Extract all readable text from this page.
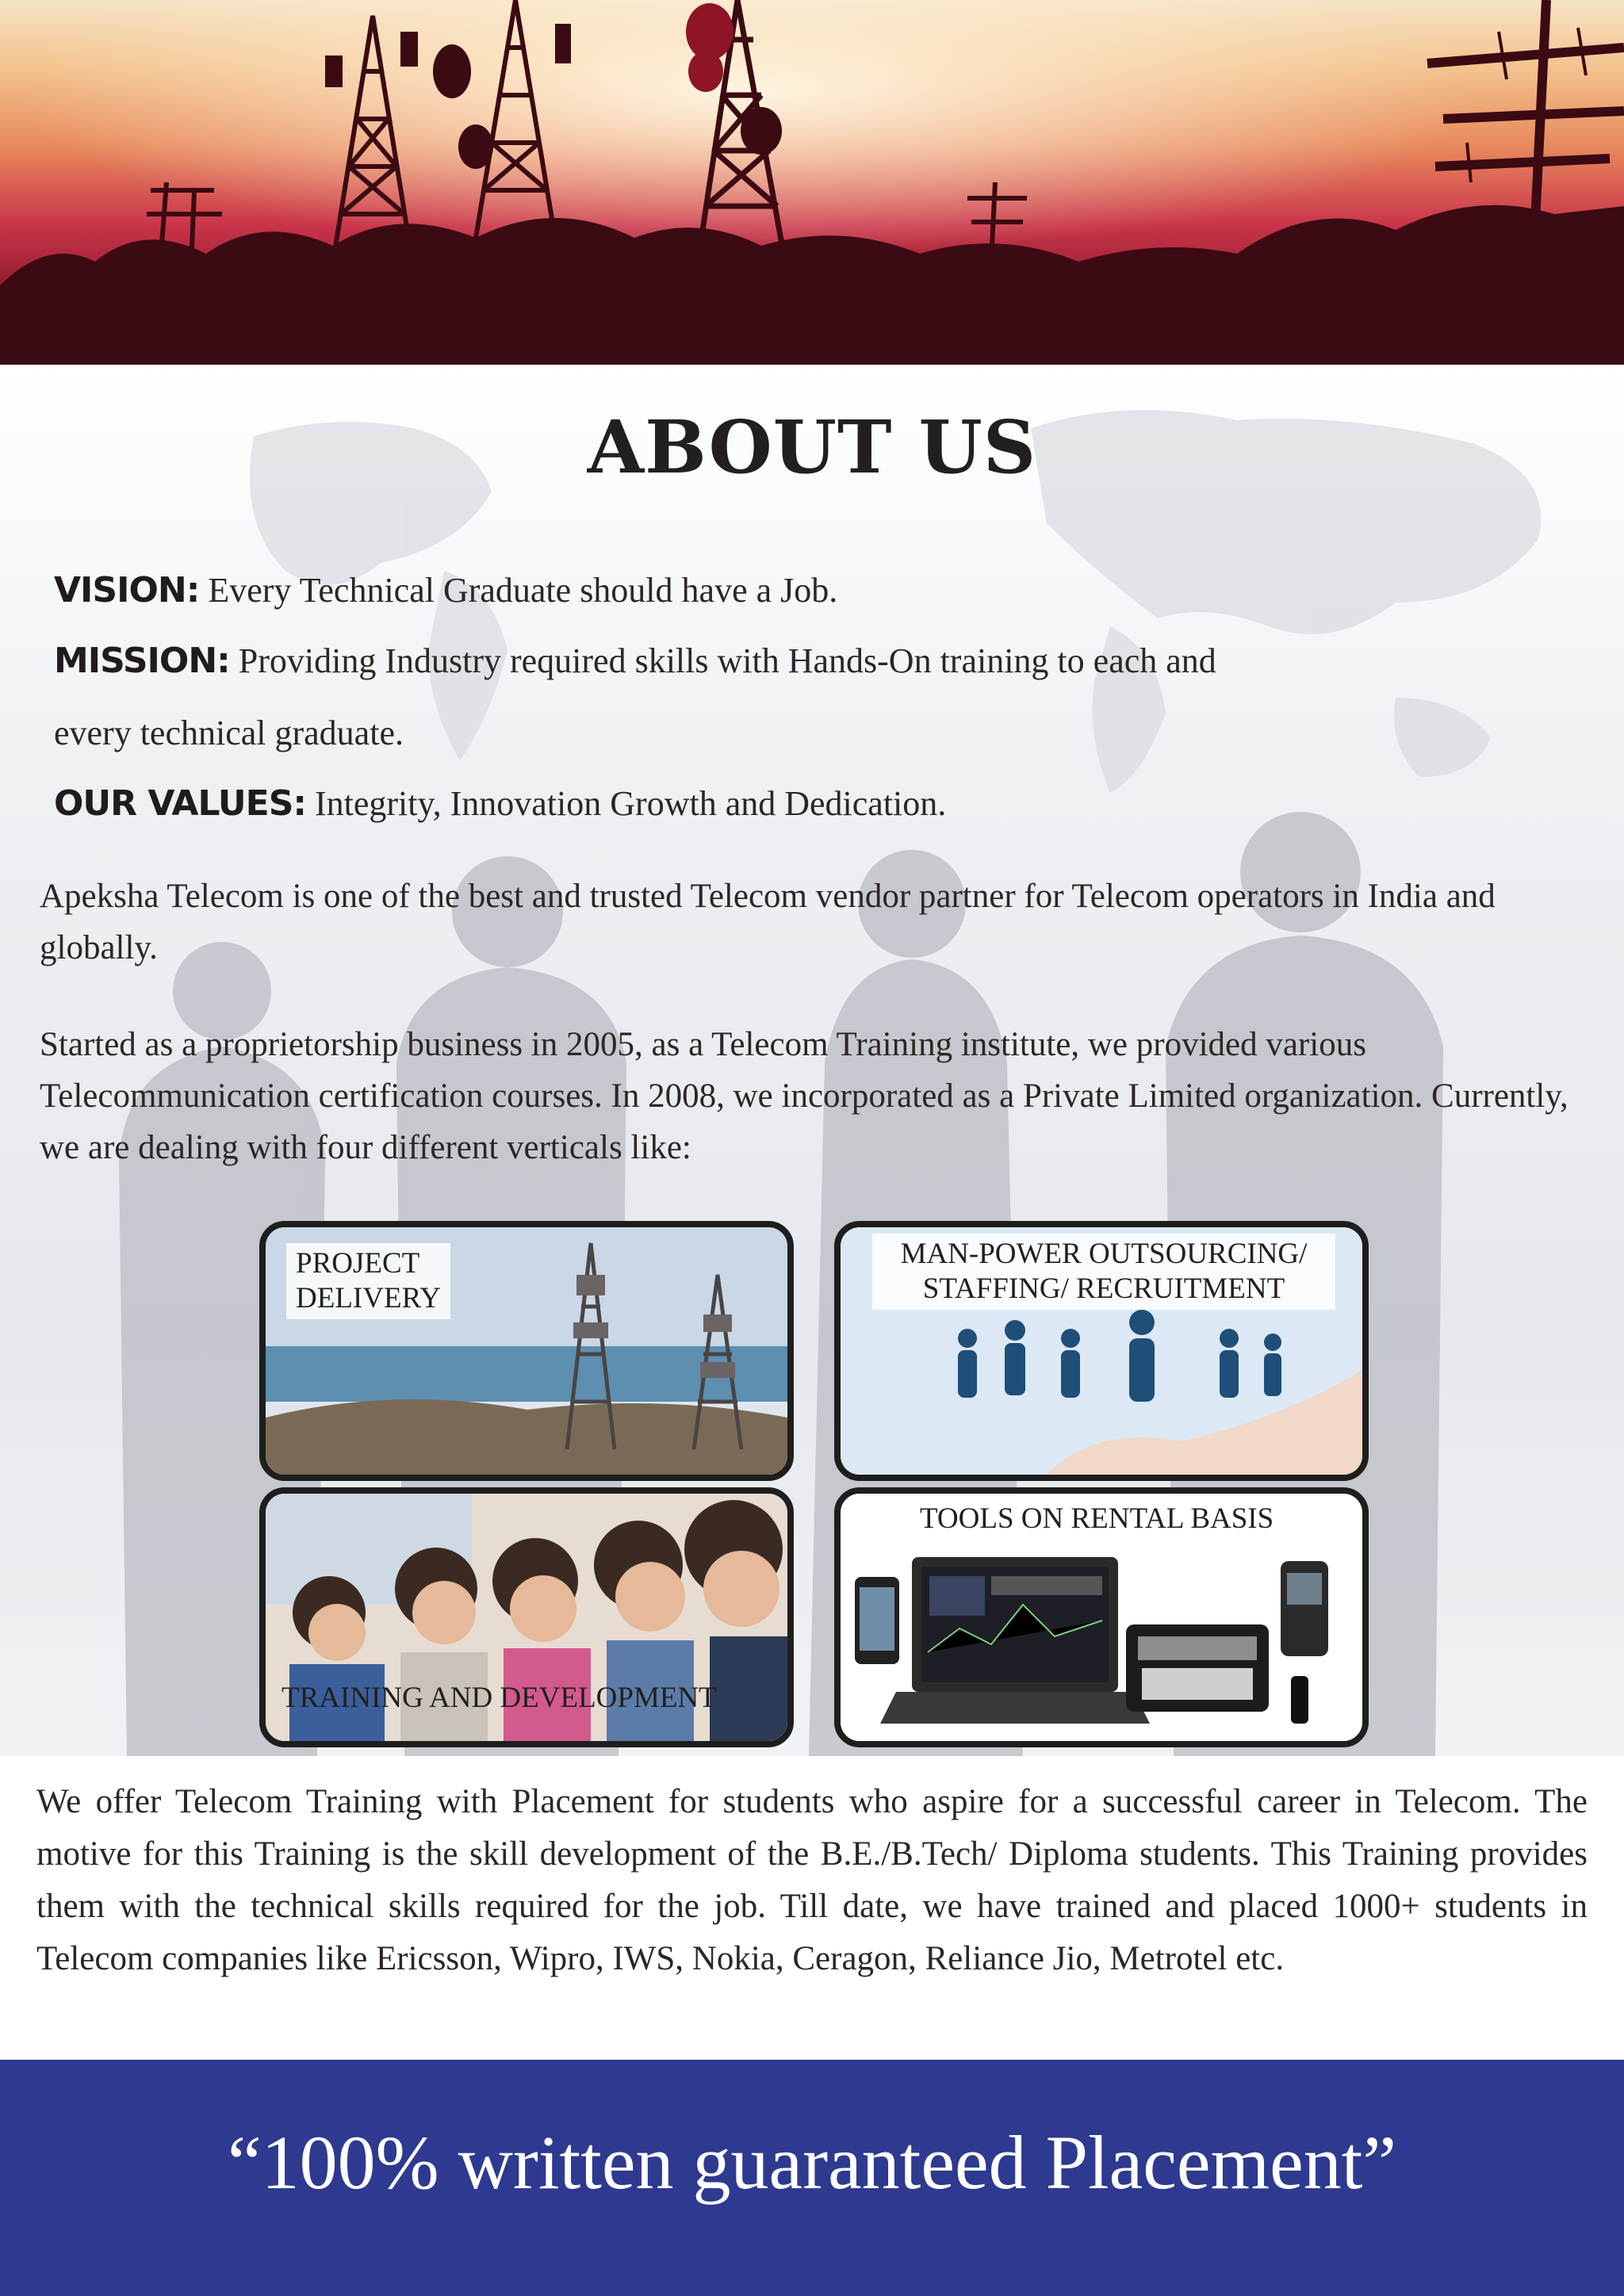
ABOUT US
VISION: Every Technical Graduate should have a Job.
MISSION: Providing Industry required skills with Hands-On training to each and
every technical graduate.
OUR VALUES: Integrity, Innovation Growth and Dedication.
Apeksha Telecom is one of the best and trusted Telecom vendor partner for Telecom operators in India and globally.
Started as a proprietorship business in 2005, as a Telecom Training institute, we provided various Telecommunication certification courses. In 2008, we incorporated as a Private Limited organization. Currently, we are dealing with four different verticals like:
PROJECT
DELIVERY
MAN-POWER OUTSOURCING/
STAFFING/ RECRUITMENT
TRAINING AND DEVELOPMENT
TOOLS ON RENTAL BASIS
We offer Telecom Training with Placement for students who aspire for a successful career in Telecom. The motive for this Training is the skill development of the B.E./B.Tech/ Diploma students. This Training provides them with the technical skills required for the job. Till date, we have trained and placed 1000+ students in Telecom companies like Ericsson, Wipro, IWS, Nokia, Ceragon, Reliance Jio, Metrotel etc.
“100% written guaranteed Placement”
